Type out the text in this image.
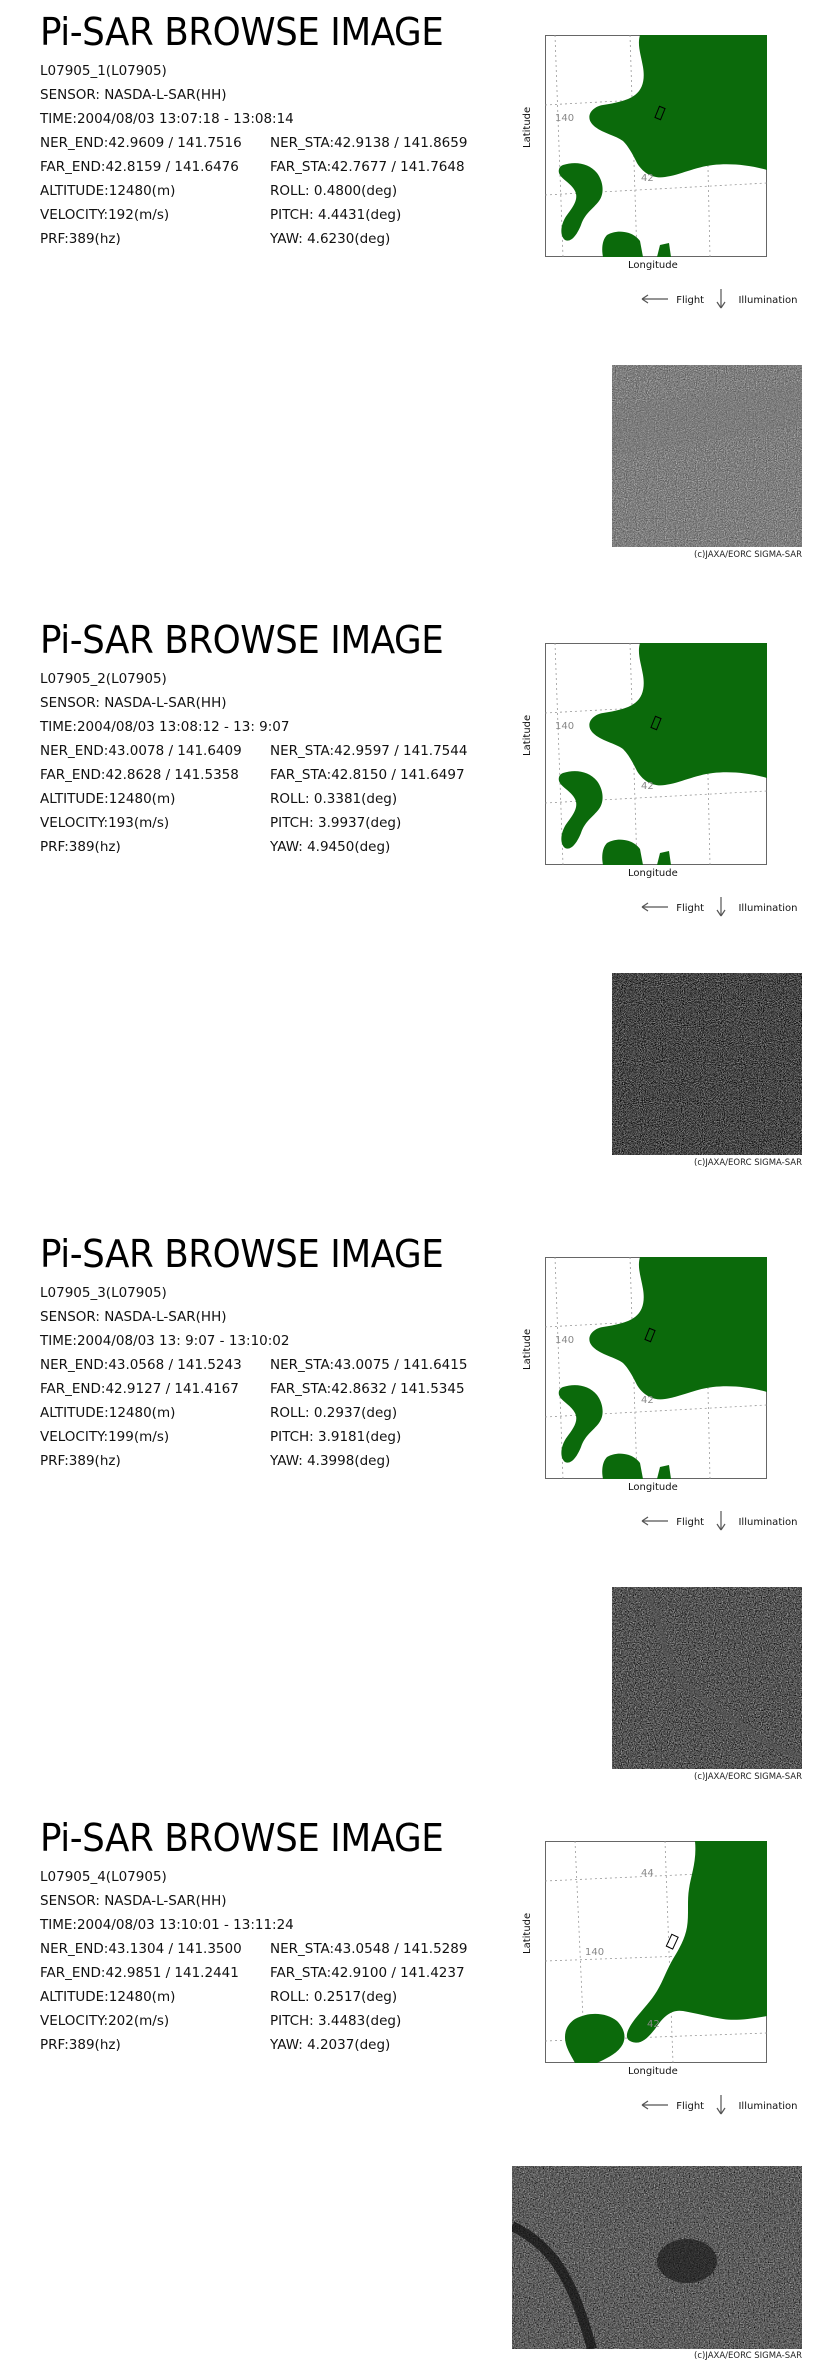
Pi-SAR BROWSE IMAGE
L07905_1(L07905)
SENSOR: NASDA-L-SAR(HH)
TIME:2004/08/03 13:07:18 - 13:08:14
NER_END:42.9609 / 141.7516 NER_STA:42.9138 / 141.8659
FAR_END:42.8159 / 141.6476 FAR_STA:42.7677 / 141.7648
ALTITUDE:12480(m)	ROLL: 0.4800(deg)
VELOCITY:192(m/s)	PITCH: 4.4431(deg)
PRF:389(hz)	YAW: 4.6230(deg)
140
42
Latitude
Longitude
Flight	Illumination
(c)JAXA/EORC SIGMA-SAR
Pi-SAR BROWSE IMAGE
L07905_2(L07905)
SENSOR: NASDA-L-SAR(HH)
TIME:2004/08/03 13:08:12 - 13: 9:07
NER_END:43.0078 / 141.6409 NER_STA:42.9597 / 141.7544
FAR_END:42.8628 / 141.5358 FAR_STA:42.8150 / 141.6497
ALTITUDE:12480(m)	ROLL: 0.3381(deg)
VELOCITY:193(m/s)	PITCH: 3.9937(deg)
PRF:389(hz)	YAW: 4.9450(deg)
140
42
Latitude
Longitude
Flight	Illumination
(c)JAXA/EORC SIGMA-SAR
Pi-SAR BROWSE IMAGE
L07905_3(L07905)
SENSOR: NASDA-L-SAR(HH)
TIME:2004/08/03 13: 9:07 - 13:10:02
NER_END:43.0568 / 141.5243 NER_STA:43.0075 / 141.6415
FAR_END:42.9127 / 141.4167 FAR_STA:42.8632 / 141.5345
ALTITUDE:12480(m)	ROLL: 0.2937(deg)
VELOCITY:199(m/s)	PITCH: 3.9181(deg)
PRF:389(hz)	YAW: 4.3998(deg)
140
42
Latitude
Longitude
Flight	Illumination
(c)JAXA/EORC SIGMA-SAR
Pi-SAR BROWSE IMAGE
L07905_4(L07905)
SENSOR: NASDA-L-SAR(HH)
TIME:2004/08/03 13:10:01 - 13:11:24
NER_END:43.1304 / 141.3500 NER_STA:43.0548 / 141.5289
FAR_END:42.9851 / 141.2441 FAR_STA:42.9100 / 141.4237
ALTITUDE:12480(m)	ROLL: 0.2517(deg)
VELOCITY:202(m/s)	PITCH: 3.4483(deg)
PRF:389(hz)	YAW: 4.2037(deg)
44
140
42
Latitude
Longitude
Flight	Illumination
(c)JAXA/EORC SIGMA-SAR
